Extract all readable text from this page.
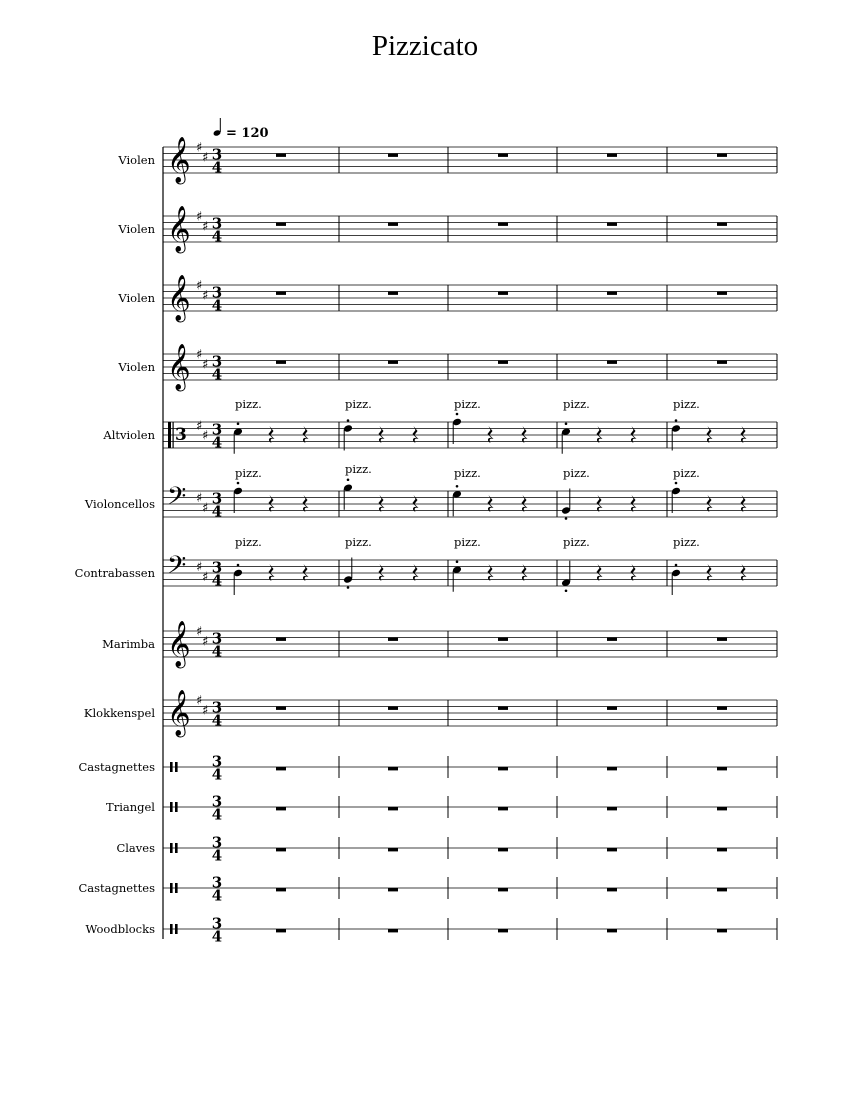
Pizzicato
= 120
Violen 𝄞 ♯
♯ 3
4
Violen 𝄞 ♯
♯ 3
4
Violen 𝄞 ♯
♯ 3
4
Violen 𝄞 ♯
♯ 3
4
Altviolen 3 ♯
♯ 3
4
pizz.	pizz.	pizz.	pizz.	pizz.
Violoncellos 𝄢 ♯
♯
3
4
pizz.	pizz.	pizz.	pizz.	pizz.
Contrabassen 𝄢 ♯
♯
3
4
pizz.	pizz.	pizz.	pizz.	pizz.
Marimba 𝄞 ♯
♯ 3
4
Klokkenspel 𝄞 ♯
♯ 3
4
Castagnettes	3
4
Triangel	3
4
Claves	3
4
Castagnettes	3
4
Woodblocks	3
4
